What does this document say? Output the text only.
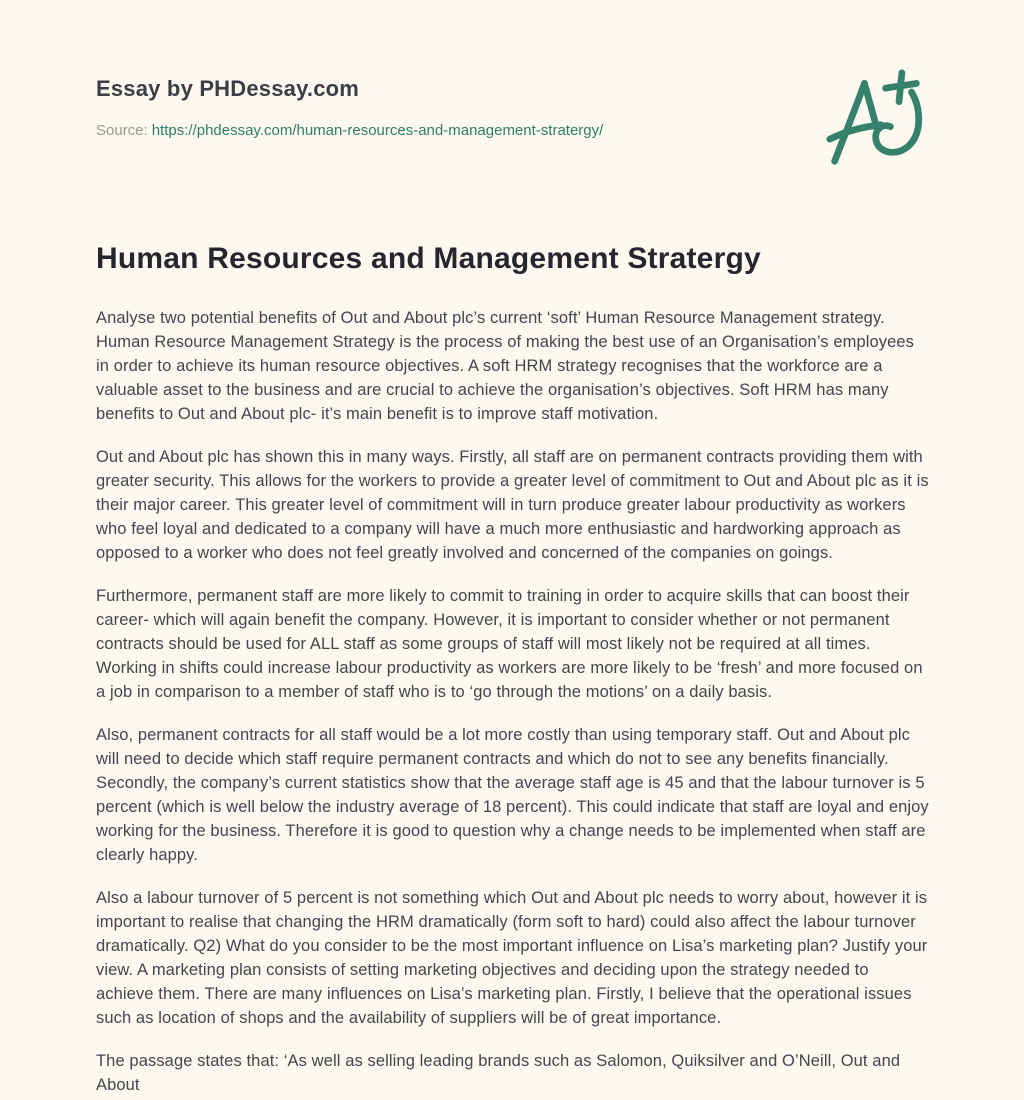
Essay by PHDessay.com
Source: https://phdessay.com/human-resources-and-management-stratergy/
Human Resources and Management Stratergy

Analyse two potential benefits of Out and About plc’s current ‘soft’ Human Resource Management strategy. Human Resource Management Strategy is the process of making the best use of an Organisation’s employees in order to achieve its human resource objectives. A soft HRM strategy recognises that the workforce are a valuable asset to the business and are crucial to achieve the organisation’s objectives. Soft HRM has many benefits to Out and About plc- it’s main benefit is to improve staff motivation.

Out and About plc has shown this in many ways. Firstly, all staff are on permanent contracts providing them with greater security. This allows for the workers to provide a greater level of commitment to Out and About plc as it is their major career. This greater level of commitment will in turn produce greater labour productivity as workers who feel loyal and dedicated to a company will have a much more enthusiastic and hardworking approach as opposed to a worker who does not feel greatly involved and concerned of the companies on goings.

Furthermore, permanent staff are more likely to commit to training in order to acquire skills that can boost their career- which will again benefit the company. However, it is important to consider whether or not permanent contracts should be used for ALL staff as some groups of staff will most likely not be required at all times. Working in shifts could increase labour productivity as workers are more likely to be ‘fresh’ and more focused on a job in comparison to a member of staff who is to ‘go through the motions’ on a daily basis.

Also, permanent contracts for all staff would be a lot more costly than using temporary staff. Out and About plc will need to decide which staff require permanent contracts and which do not to see any benefits financially. Secondly, the company’s current statistics show that the average staff age is 45 and that the labour turnover is 5 percent (which is well below the industry average of 18 percent). This could indicate that staff are loyal and enjoy working for the business. Therefore it is good to question why a change needs to be implemented when staff are clearly happy.

Also a labour turnover of 5 percent is not something which Out and About plc needs to worry about, however it is important to realise that changing the HRM dramatically (form soft to hard) could also affect the labour turnover dramatically. Q2) What do you consider to be the most important influence on Lisa’s marketing plan? Justify your view. A marketing plan consists of setting marketing objectives and deciding upon the strategy needed to achieve them. There are many influences on Lisa’s marketing plan. Firstly, I believe that the operational issues such as location of shops and the availability of suppliers will be of great importance.

The passage states that: ‘As well as selling leading brands such as Salomon, Quiksilver and O’Neill, Out and About
